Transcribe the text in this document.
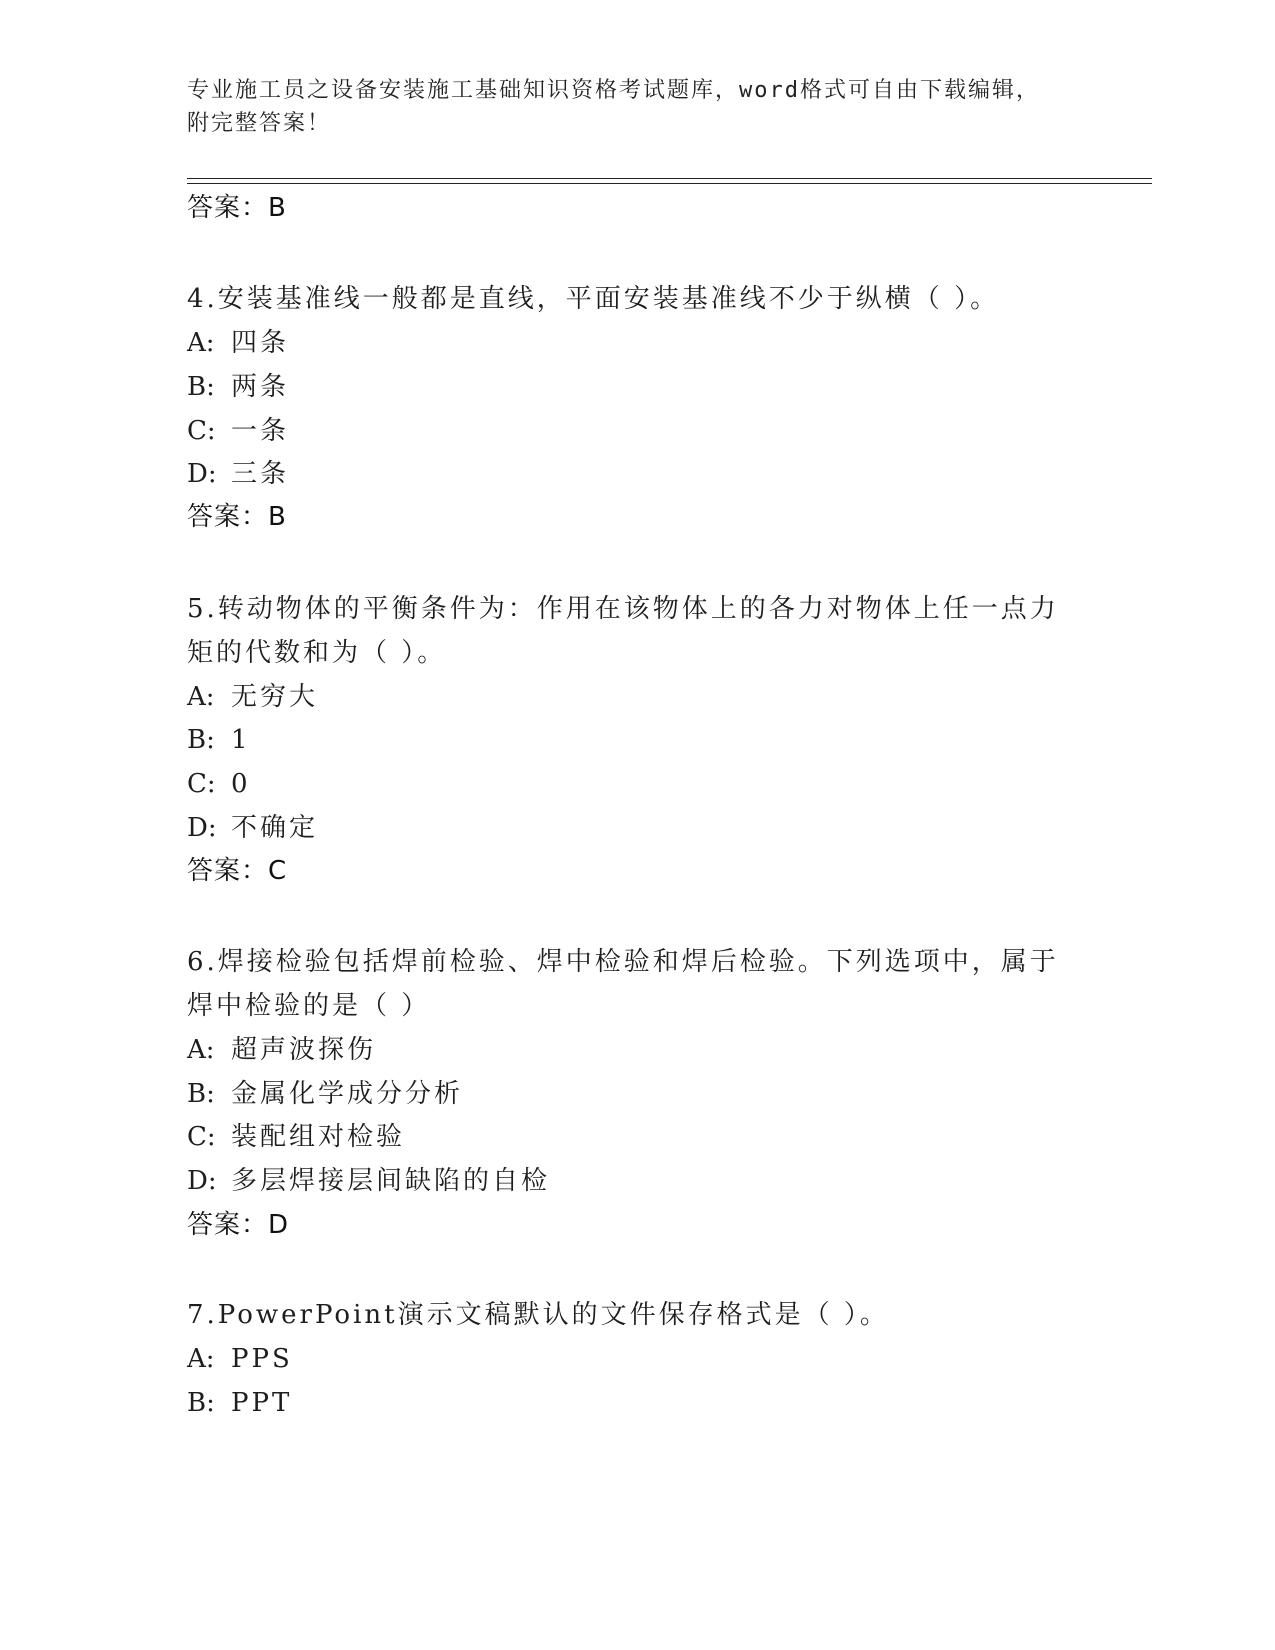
专业施工员之设备安装施工基础知识资格考试题库，word格式可自由下载编辑，
附完整答案！
答案：B
4.安装基准线一般都是直线，平面安装基准线不少于纵横（ ）。
A: 四条
B: 两条
C: 一条
D: 三条
答案：B
5.转动物体的平衡条件为：作用在该物体上的各力对物体上任一点力
矩的代数和为（ ）。
A: 无穷大
B: 1
C: 0
D: 不确定
答案：C
6.焊接检验包括焊前检验、焊中检验和焊后检验。下列选项中，属于
焊中检验的是（ ）
A: 超声波探伤
B: 金属化学成分分析
C: 装配组对检验
D: 多层焊接层间缺陷的自检
答案：D
7.PowerPoint演示文稿默认的文件保存格式是（ ）。
A: PPS
B: PPT
